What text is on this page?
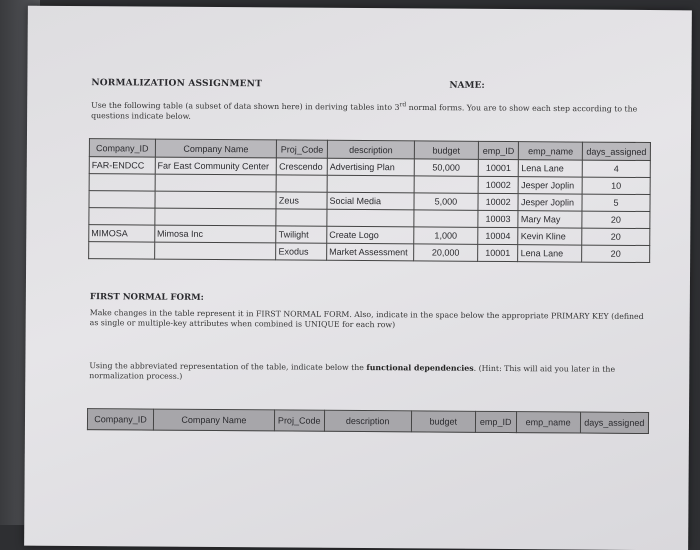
NORMALIZATION ASSIGNMENT	NAME:
Use the following table (a subset of data shown here) in deriving tables into 3rd normal forms. You are to show each step according to the questions indicate below.
Company_ID	Company Name	Proj_Code	description	budget	emp_ID	emp_name	days_assigned
FAR-ENDCC	Far East Community Center	Crescendo	Advertising Plan	50,000	10001	Lena Lane	4
					10002	Jesper Joplin	10
		Zeus	Social Media	5,000	10002	Jesper Joplin	5
					10003	Mary May	20
MIMOSA	Mimosa Inc	Twilight	Create Logo	1,000	10004	Kevin Kline	20
		Exodus	Market Assessment	20,000	10001	Lena Lane	20
FIRST NORMAL FORM:
Make changes in the table represent it in FIRST NORMAL FORM. Also, indicate in the space below the appropriate PRIMARY KEY (defined as single or multiple-key attributes when combined is UNIQUE for each row)
Using the abbreviated representation of the table, indicate below the functional dependencies. (Hint: This will aid you later in the normalization process.)
Company_ID	Company Name	Proj_Code	description	budget	emp_ID	emp_name	days_assigned
